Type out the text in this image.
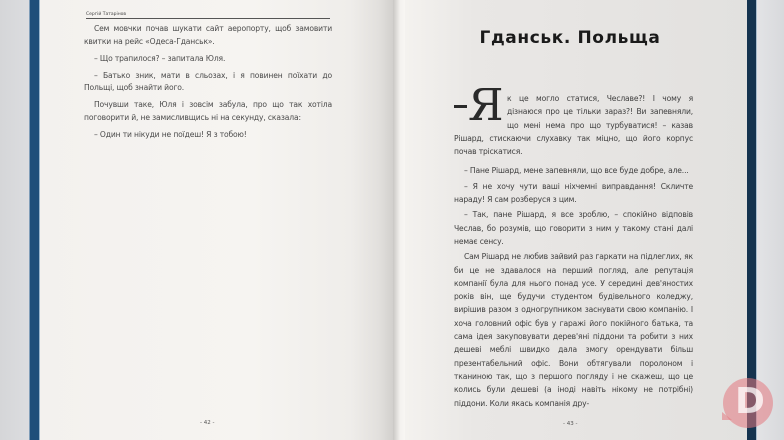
Сергій Татарінов

Сем мовчки почав шукати сайт аеропорту, щоб замовити квитки на рейс «Одеса-Гданськ».

– Що трапилося? – запитала Юля.

– Батько зник, мати в сльозах, і я повинен поїхати до Польщі, щоб знайти його.

Почувши таке, Юля і зовсім забула, про що так хотіла поговорити й, не замисливщись ні на секунду, сказала:

– Один ти нікуди не поїдеш! Я з тобою!

- 42 -
Гданськ. Польща

Я к це могло статися, Чеславе?! І чому я дізнаюся про це тільки зараз?! Ви запевняли, що мені нема про що турбуватися! – казав Рішард, стискаючи слухавку так міцно, що його корпус почав тріскатися.

– Пане Рішард, мене запевняли, що все буде добре, але...

– Я не хочу чути ваші ніхчемні виправдання! Скличте нараду! Я сам розберуся з цим.

– Так, пане Рішард, я все зроблю, – спокійно відповів Чеслав, бо розумів, що говорити з ним у такому стані далі немає сенсу.

Сам Рішард не любив зайвий раз гаркати на підлеглих, як би це не здавалося на перший погляд, але репутація компанії була для нього понад усе. У середині дев'яностих років він, ще будучи студентом будівельного коледжу, вирішив разом з одногрупником заснувати свою компанію. І хоча головний офіс був у гаражі його покійного батька, та сама ідея закуповувати дерев'яні піддони та робити з них дешеві меблі швидко дала змогу орендувати більш презентабельний офіс. Вони обтягували поролоном і тканиною так, що з першого погляду і не скажеш, що це колись були дешеві (а іноді навіть нікому не потрібні) піддони. Коли якась компанія дру-

- 43 -
D
